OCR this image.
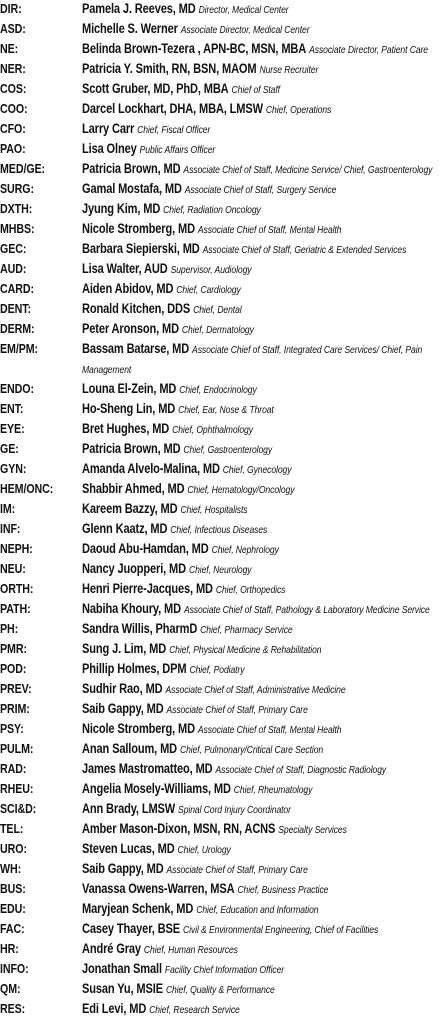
DIR:	Pamela J. Reeves, MD Director, Medical Center
ASD:	Michelle S. Werner Associate Director, Medical Center
NE:	Belinda Brown-Tezera , APN-BC, MSN, MBA Associate Director, Patient Care
NER:	Patricia Y. Smith, RN, BSN, MAOM Nurse Recruiter
COS:	Scott Gruber, MD, PhD, MBA Chief of Staff
COO:	Darcel Lockhart, DHA, MBA, LMSW Chief, Operations
CFO:	Larry Carr Chief, Fiscal Officer
PAO:	Lisa Olney Public Affairs Officer
MED/GE:	Patricia Brown, MD Associate Chief of Staff, Medicine Service/ Chief, Gastroenterology
SURG:	Gamal Mostafa, MD Associate Chief of Staff, Surgery Service
DXTH:	Jyung Kim, MD Chief, Radiation Oncology
MHBS:	Nicole Stromberg, MD Associate Chief of Staff, Mental Health
GEC:	Barbara Siepierski, MD Associate Chief of Staff, Geriatric & Extended Services
AUD:	Lisa Walter, AUD Supervisor, Audiology
CARD:	Aiden Abidov, MD Chief, Cardiology
DENT:	Ronald Kitchen, DDS Chief, Dental
DERM:	Peter Aronson, MD Chief, Dermatology
EM/PM:	Bassam Batarse, MD Associate Chief of Staff, Integrated Care Services/ Chief, Pain Management
ENDO:	Louna El-Zein, MD Chief, Endocrinology
ENT:	Ho-Sheng Lin, MD Chief, Ear, Nose & Throat
EYE:	Bret Hughes, MD Chief, Ophthalmology
GE:	Patricia Brown, MD Chief, Gastroenterology
GYN:	Amanda Alvelo-Malina, MD Chief, Gynecology
HEM/ONC:	Shabbir Ahmed, MD Chief, Hematology/Oncology
IM:	Kareem Bazzy, MD Chief, Hospitalists
INF:	Glenn Kaatz, MD Chief, Infectious Diseases
NEPH:	Daoud Abu-Hamdan, MD Chief, Nephrology
NEU:	Nancy Juopperi, MD Chief, Neurology
ORTH:	Henri Pierre-Jacques, MD Chief, Orthopedics
PATH:	Nabiha Khoury, MD Associate Chief of Staff, Pathology & Laboratory Medicine Service
PH:	Sandra Willis, PharmD Chief, Pharmacy Service
PMR:	Sung J. Lim, MD Chief, Physical Medicine & Rehabilitation
POD:	Phillip Holmes, DPM Chief, Podiatry
PREV:	Sudhir Rao, MD Associate Chief of Staff, Administrative Medicine
PRIM:	Saib Gappy, MD Associate Chief of Staff, Primary Care
PSY:	Nicole Stromberg, MD Associate Chief of Staff, Mental Health
PULM:	Anan Salloum, MD Chief, Pulmonary/Critical Care Section
RAD:	James Mastromatteo, MD Associate Chief of Staff, Diagnostic Radiology
RHEU:	Angelia Mosely-Williams, MD Chief, Rheumatology
SCI&D:	Ann Brady, LMSW Spinal Cord Injury Coordinator
TEL:	Amber Mason-Dixon, MSN, RN, ACNS Specialty Services
URO:	Steven Lucas, MD Chief, Urology
WH:	Saib Gappy, MD Associate Chief of Staff, Primary Care
BUS:	Vanassa Owens-Warren, MSA Chief, Business Practice
EDU:	Maryjean Schenk, MD Chief, Education and Information
FAC:	Casey Thayer, BSE Civil & Environmental Engineering, Chief of Facilities
HR:	André Gray Chief, Human Resources
INFO:	Jonathan Small Facility Chief Information Officer
QM:	Susan Yu, MSIE Chief, Quality & Performance
RES:	Edi Levi, MD Chief, Research Service
